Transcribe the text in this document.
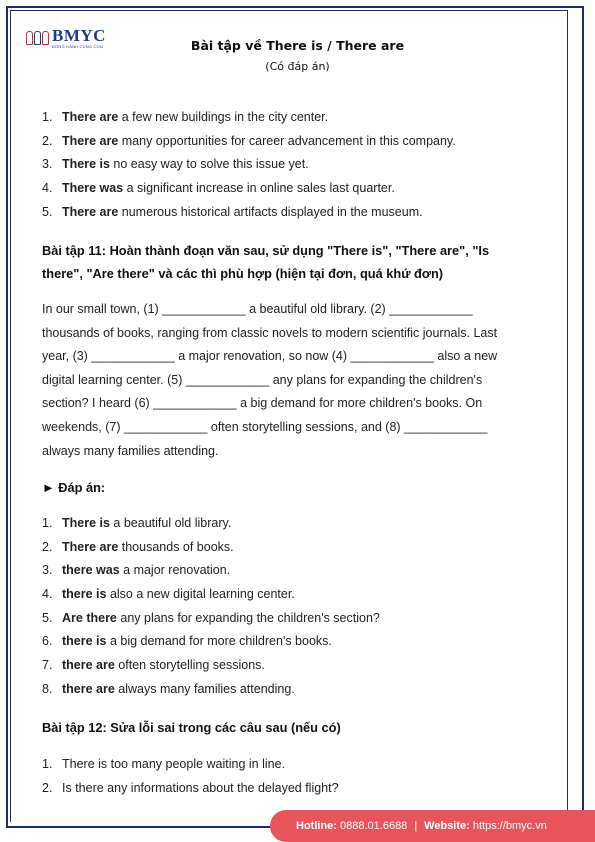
BMYC
ĐỒNG HÀNH CÙNG CON	Bài tập về There is / There are
(Có đáp án)
1. There are a few new buildings in the city center.
2. There are many opportunities for career advancement in this company.
3. There is no easy way to solve this issue yet.
4. There was a significant increase in online sales last quarter.
5. There are numerous historical artifacts displayed in the museum.
Bài tập 11: Hoàn thành đoạn văn sau, sử dụng "There is", "There are", "Is
there", "Are there" và các thì phù hợp (hiện tại đơn, quá khứ đơn)
In our small town, (1) ____________ a beautiful old library. (2) ____________
thousands of books, ranging from classic novels to modern scientific journals. Last
year, (3) ____________ a major renovation, so now (4) ____________ also a new
digital learning center. (5) ____________ any plans for expanding the children's
section? I heard (6) ____________ a big demand for more children's books. On
weekends, (7) ____________ often storytelling sessions, and (8) ____________
always many families attending.
► Đáp án:
1. There is a beautiful old library.
2. There are thousands of books.
3. there was a major renovation.
4. there is also a new digital learning center.
5. Are there any plans for expanding the children's section?
6. there is a big demand for more children's books.
7. there are often storytelling sessions.
8. there are always many families attending.
Bài tập 12: Sửa lỗi sai trong các câu sau (nếu có)
1. There is too many people waiting in line.
2. Is there any informations about the delayed flight?
Hotline:
0888.01.6688 | Website:
https://bmyc.vn
